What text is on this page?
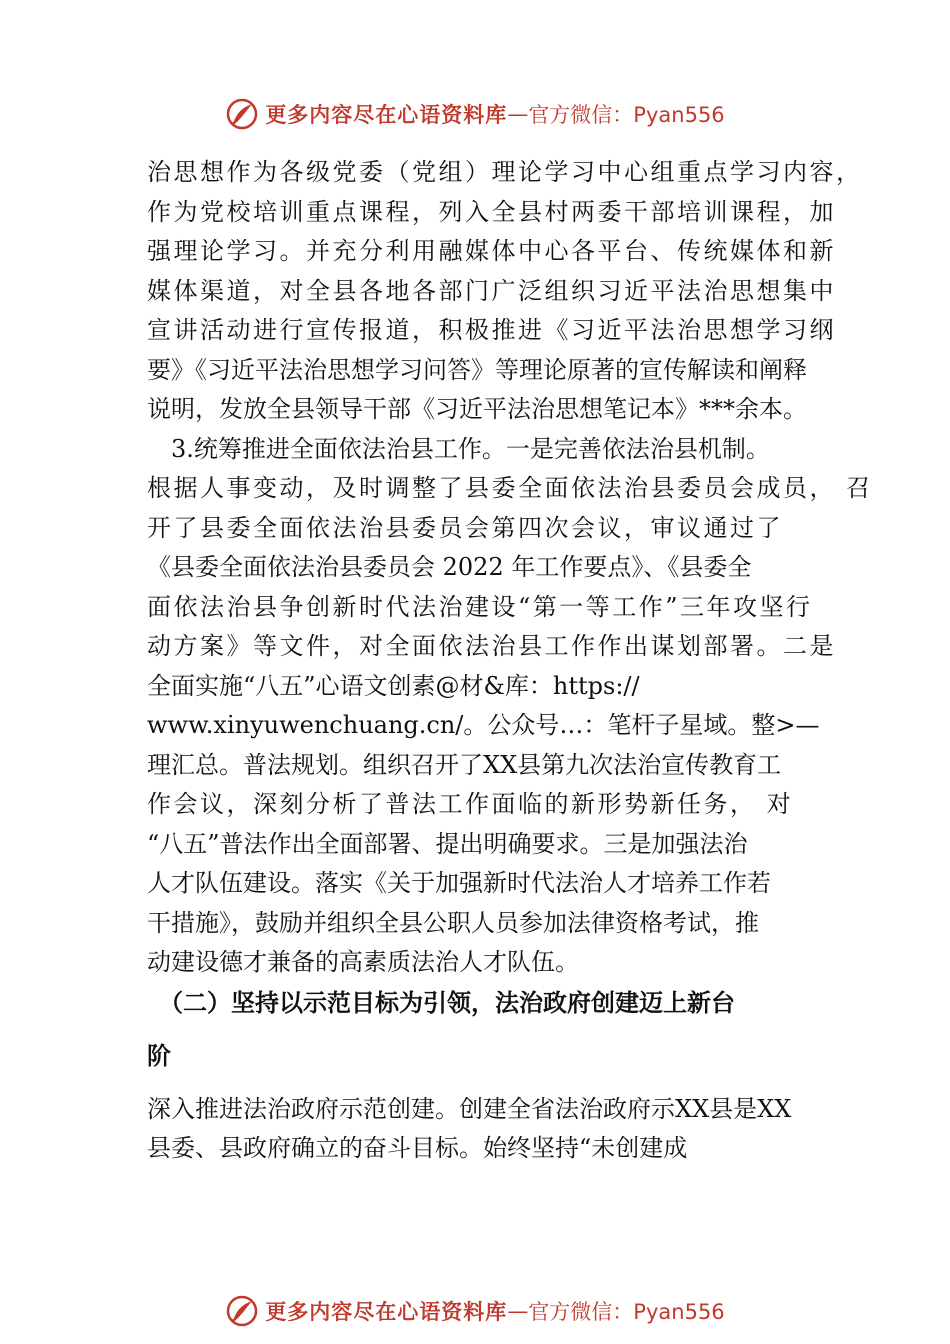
更多内容尽在心语资料库 — 官方微信：Pyan556
治思想作为各级党委（党组）理论学习中心组重点学习内容，
作为党校培训重点课程，列入全县村两委干部培训课程，加
强理论学习。并充分利用融媒体中心各平台、传统媒体和新
媒体渠道，对全县各地各部门广泛组织习近平法治思想集中
宣讲活动进行宣传报道，积极推进《习近平法治思想学习纲
要》《习近平法治思想学习问答》等理论原著的宣传解读和阐释
说明，发放全县领导干部《习近平法治思想笔记本》***余本。
　3.统筹推进全面依法治县工作。一是完善依法治县机制。
根据人事变动，及时调整了县委全面依法治县委员会成员， 召
开了县委全面依法治县委员会第四次会议，审议通过了
《县委全面依法治县委员会 2022 年工作要点》、《县委全
面依法治县争创新时代法治建设“第一等工作”三年攻坚行
动方案》等文件，对全面依法治县工作作出谋划部署。二是
全面实施“八五”心语文创素@材&库：https://
www.xinyuwenchuang.cn/。公众号…：笔杆子星域。整>—
理汇总。普法规划。组织召开了XX县第九次法治宣传教育工
作会议，深刻分析了普法工作面临的新形势新任务， 对
“八五”普法作出全面部署、提出明确要求。三是加强法治
人才队伍建设。落实《关于加强新时代法治人才培养工作若
干措施》，鼓励并组织全县公职人员参加法律资格考试，推
动建设德才兼备的高素质法治人才队伍。
　（二）坚持以示范目标为引领，法治政府创建迈上新台
阶
深入推进法治政府示范创建。创建全省法治政府示XX县是XX
县委、县政府确立的奋斗目标。始终坚持“未创建成
更多内容尽在心语资料库 — 官方微信：Pyan556
